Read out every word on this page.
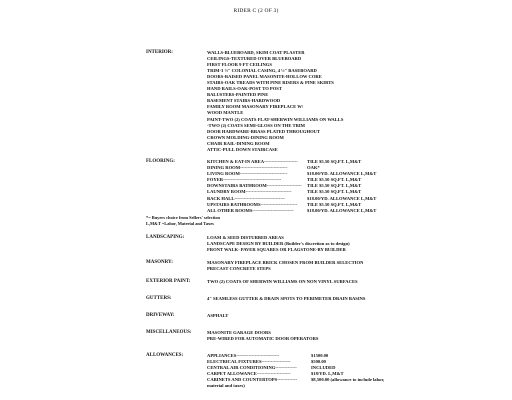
RIDER C (2 OF 3)
INTERIOR:	WALLS-BLUEBOARD, SKIM COAT PLASTER
CEILINGS-TEXTURED OVER BLUEBOARD
FIRST FLOOR 9 FT CEILINGS
TRIM-3 ½" COLONIAL CASING, 4 ½" BASEBOARD
DOORS-RAISED PANEL MASONITE-HOLLOW CORE
STAIRS-OAK TREADS WITH PINE RISERS & PINE SKIRTS
HAND RAILS-OAK-POST TO POST
BALUSTERS-PAINTED PINE
BASEMENT STAIRS-HARDWOOD
FAMILY ROOM MASONARY FIREPLACE W/
WOOD MANTLE
PAINT-TWO (2) COATS FLAT-SHERWIN WILLIAMS ON WALLS
-TWO (2) COATS SEMI-GLOSS ON THE TRIM
DOOR HARDWARE-BRASS PLATED THROUGHOUT
CROWN MOLDING-DINING ROOM
CHAIR RAIL-DINING ROOM
ATTIC-PULL DOWN STAIRCASE
FLOORING:	KITCHEN & EAT-IN AREA---------------------- TILE $5.50 SQ.FT. L,M&T
DINING ROOM-------------------------------	OAK*
LIVING ROOM-------------------------------	$18.00/YD. ALLOWANCE L,M&T
FOYER--------------------------------------	TILE $5.50 SQ.FT. L,M&T
DOWNSTAIRS BATHROOM----------------------- TILE $5.50 SQ.FT. L,M&T
LAUNDRY ROOM------------------------------	TILE $5.50 SQ.FT. L,M&T
BACK HALL---------------------------------	$18.00/YD. ALLOWANCE L,M&T
UPSTAIRS BATHROOMS------------------------ TILE $5.50 SQ.FT. L,M&T
ALL OTHER ROOMS---------------------------	$18.00/YD. ALLOWANCE L,M&T
*= Buyers choice from Sellers' selection
L,M&T =Labor, Material and Taxes
LANDSCAPING:	LOAM & SEED DISTURBED AREAS
LANDSCAPE DESIGN BY BUILDER (Builder's discretion as to design)
FRONT WALK- PAVER SQUARES OR FLAGSTONE-BY BUILDER
MASONRY:	MASONARY FIREPLACE BRICK CHOSEN FROM BUILDER SELECTION
PRECAST CONCRETE STEPS
EXTERIOR PAINT:	TWO (2) COATS OF SHERWIN WILLIAMS ON NON VINYL SURFACES
GUTTERS:	4" SEAMLESS GUTTER & DRAIN SPOTS TO PERIMETER DRAIN BASINS
DRIVEWAY:	ASPHALT
MISCELLANEOUS:	MASONITE GARAGE DOORS
PRE-WIRED FOR AUTOMATIC DOOR OPERATORS
ALLOWANCES:	APPLIANCES----------------------------	$1500.00
ELECTRICAL FIXTURES-------------------	$500.00
CENTRAL AIR CONDITIONING--------------	INCLUDED
CARPET ALLOWANCE----------------------	$18/YD. L,M&T
CABINETS AND COUNTERTOPS-------------	$8,500.00 (allowance to include labor,
material and taxes)
